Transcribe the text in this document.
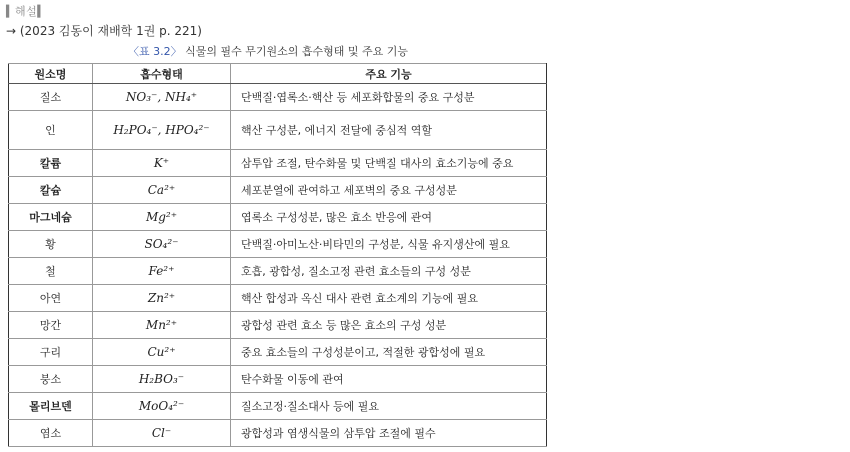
▍해설▍
→ (2023 김동이 재배학 1권 p. 221)
〈표 3.2〉 식물의 필수 무기원소의 흡수형태 및 주요 기능
원소명	흡수형태	주요 기능
질소	NO₃⁻, NH₄⁺	단백질·엽록소·핵산 등 세포화합물의 중요 구성분
인	H₂PO₄⁻, HPO₄²⁻	핵산 구성분, 에너지 전달에 중심적 역할
칼륨	K⁺	삼투압 조절, 탄수화물 및 단백질 대사의 효소기능에 중요
칼슘	Ca²⁺	세포분열에 관여하고 세포벽의 중요 구성성분
마그네슘	Mg²⁺	엽록소 구성성분, 많은 효소 반응에 관여
황	SO₄²⁻	단백질·아미노산·비타민의 구성분, 식물 유지생산에 필요
철	Fe²⁺	호흡, 광합성, 질소고정 관련 효소들의 구성 성분
아연	Zn²⁺	핵산 합성과 옥신 대사 관련 효소계의 기능에 필요
망간	Mn²⁺	광합성 관련 효소 등 많은 효소의 구성 성분
구리	Cu²⁺	중요 효소들의 구성성분이고, 적절한 광합성에 필요
붕소	H₂BO₃⁻	탄수화물 이동에 관여
몰리브덴	MoO₄²⁻	질소고정·질소대사 등에 필요
염소	Cl⁻	광합성과 염생식물의 삼투압 조절에 필수
